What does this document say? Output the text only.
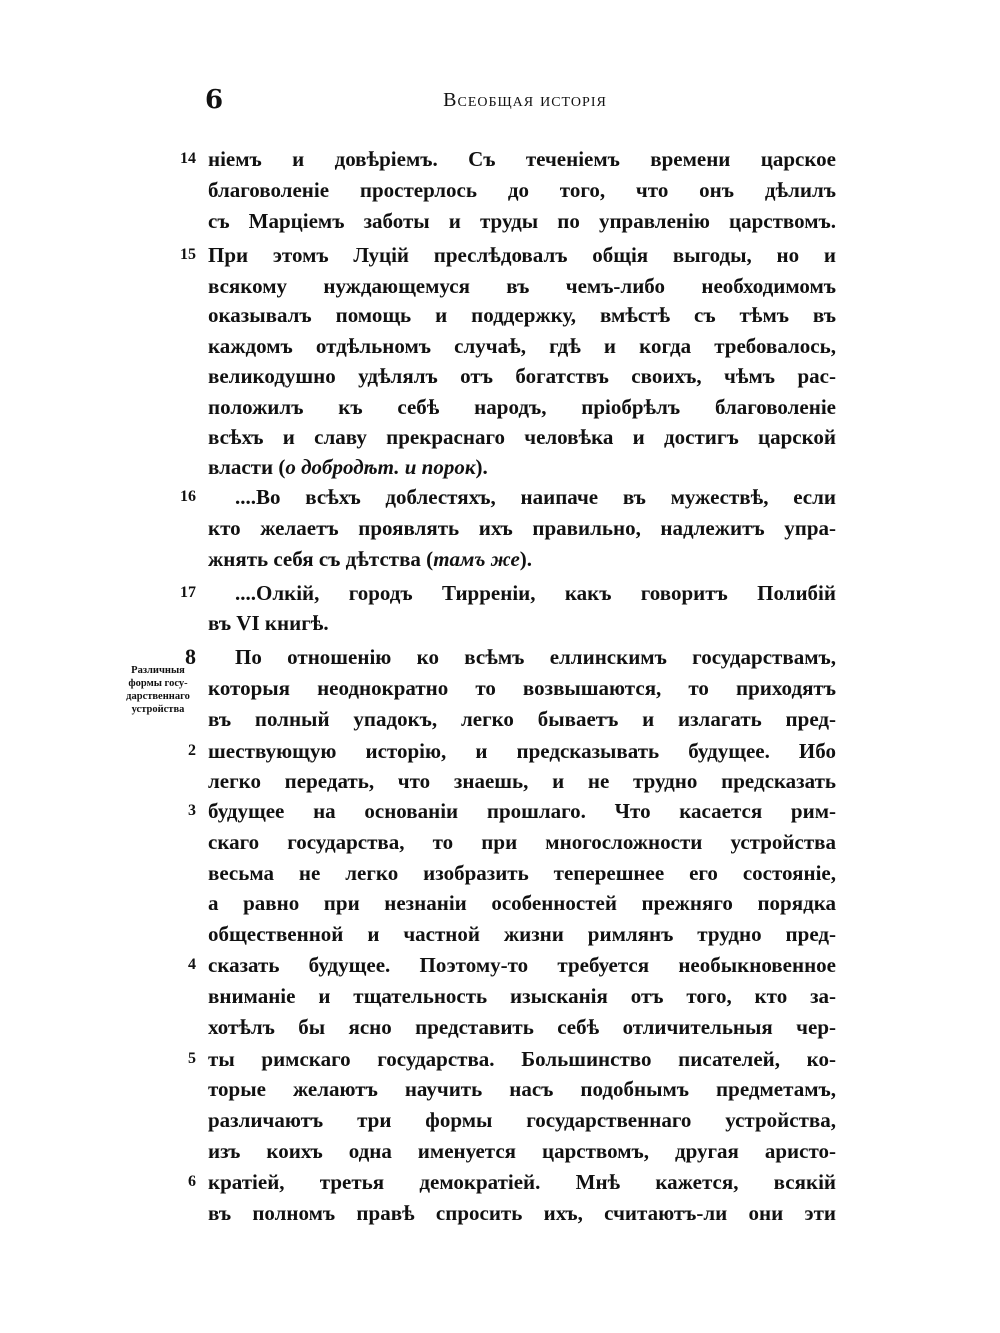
6	Всеобщая исторія
14
15
16
17
8
2
3
4
5
6
Различныя
формы госу-
дарственнаго
устройства
ніемъ и довѣріемъ. Съ теченіемъ времени царское
благоволеніе простерлось до того, что онъ дѣлилъ
съ Марціемъ заботы и труды по управленію царствомъ.
При этомъ Луцій преслѣдовалъ общія выгоды, но и
всякому нуждающемуся въ чемъ-либо необходимомъ
оказывалъ помощь и поддержку, вмѣстѣ съ тѣмъ въ
каждомъ отдѣльномъ случаѣ, гдѣ и когда требовалось,
великодушно удѣлялъ отъ богатствъ своихъ, чѣмъ рас-
положилъ къ себѣ народъ, пріобрѣлъ благоволеніе
всѣхъ и славу прекраснаго человѣка и достигъ царской
власти (о добродѣт. и порок).
....Во всѣхъ доблестяхъ, наипаче въ мужествѣ, если
кто желаетъ проявлять ихъ правильно, надлежитъ упра-
жнять себя съ дѣтства (тамъ же).
....Олкій, городъ Тирреніи, какъ говоритъ Полибій
въ VI книгѣ.
По отношенію ко всѣмъ еллинскимъ государствамъ,
которыя неоднократно то возвышаются, то приходятъ
въ полный упадокъ, легко бываетъ и излагать пред-
шествующую исторію, и предсказывать будущее. Ибо
легко передать, что знаешь, и не трудно предсказать
будущее на основаніи прошлаго. Что касается рим-
скаго государства, то при многосложности устройства
весьма не легко изобразить теперешнее его состояніе,
а равно при незнаніи особенностей прежняго порядка
общественной и частной жизни римлянъ трудно пред-
сказать будущее. Поэтому-то требуется необыкновенное
вниманіе и тщательность изысканія отъ того, кто за-
хотѣлъ бы ясно представить себѣ отличительныя чер-
ты римскаго государства. Большинство писателей, ко-
торые желаютъ научить насъ подобнымъ предметамъ,
различаютъ три формы государственнаго устройства,
изъ коихъ одна именуется царствомъ, другая аристо-
кратіей, третья демократіей. Мнѣ кажется, всякій
въ полномъ правѣ спросить ихъ, считаютъ-ли они эти
